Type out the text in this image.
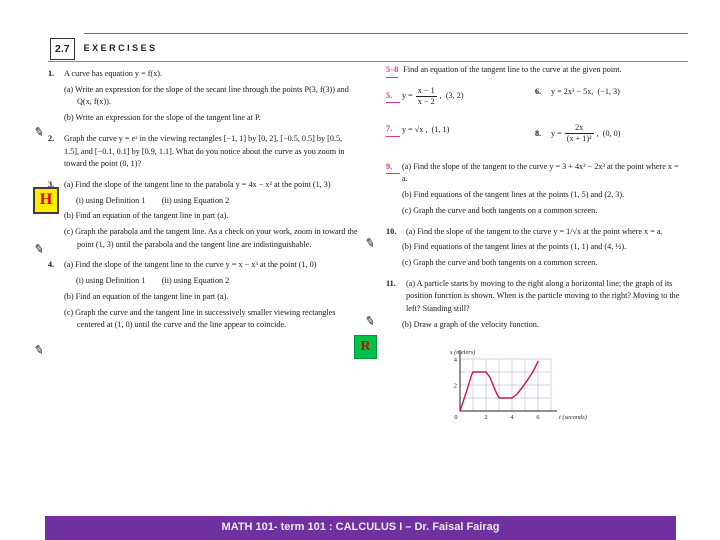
2.7	EXERCISES
✎
✎
✎
✎
✎
H
R
1.	A curve has equation y = f(x).
(a) Write an expression for the slope of the secant line through the points P(3, f(3)) and Q(x, f(x)).
(b) Write an expression for the slope of the tangent line at P.
2.	Graph the curve y = eˣ in the viewing rectangles [−1, 1] by [0, 2], [−0.5, 0.5] by [0.5, 1.5], and [−0.1, 0.1] by [0.9, 1.1]. What do you notice about the curve as you zoom in toward the point (0, 1)?
3.	(a) Find the slope of the tangent line to the parabola y = 4x − x² at the point (1, 3)
(i) using Definition 1  (ii) using Equation 2
(b) Find an equation of the tangent line in part (a).
(c) Graph the parabola and the tangent line. As a check on your work, zoom in toward the point (1, 3) until the parabola and the tangent line are indistinguishable.
4.	(a) Find the slope of the tangent line to the curve y = x − x³ at the point (1, 0)
(i) using Definition 1  (ii) using Equation 2
(b) Find an equation of the tangent line in part (a).
(c) Graph the curve and the tangent line in successively smaller viewing rectangles centered at (1, 0) until the curve and the line appear to coincide.
5–8 Find an equation of the tangent line to the curve at the given point.
5.	$y = \frac{x - 1}{x - 2}$ , (3, 2)	6.	y = 2x³ − 5x, (−1, 3)
7.	y = √x , (1, 1)	8.	$y = \frac{2x}{\text{(x + 1)²}}$ , (0, 0)
9.	(a) Find the slope of the tangent to the curve y = 3 + 4x² − 2x³ at the point where x = a.
(b) Find equations of the tangent lines at the points (1, 5) and (2, 3).
(c) Graph the curve and both tangents on a common screen.
10.	(a) Find the slope of the tangent to the curve y = 1/√x at the point where x = a.
(b) Find equations of the tangent lines at the points (1, 1) and (4, ½).
(c) Graph the curve and both tangents on a common screen.
11.	(a) A particle starts by moving to the right along a horizontal line; the graph of its position function is shown. When is the particle moving to the right? Moving to the left? Standing still?
(b) Draw a graph of the velocity function.
0	2	4	6
2
4
s (meters)
t (seconds)
MATH 101- term 101 : CALCULUS I – Dr. Faisal Fairag
